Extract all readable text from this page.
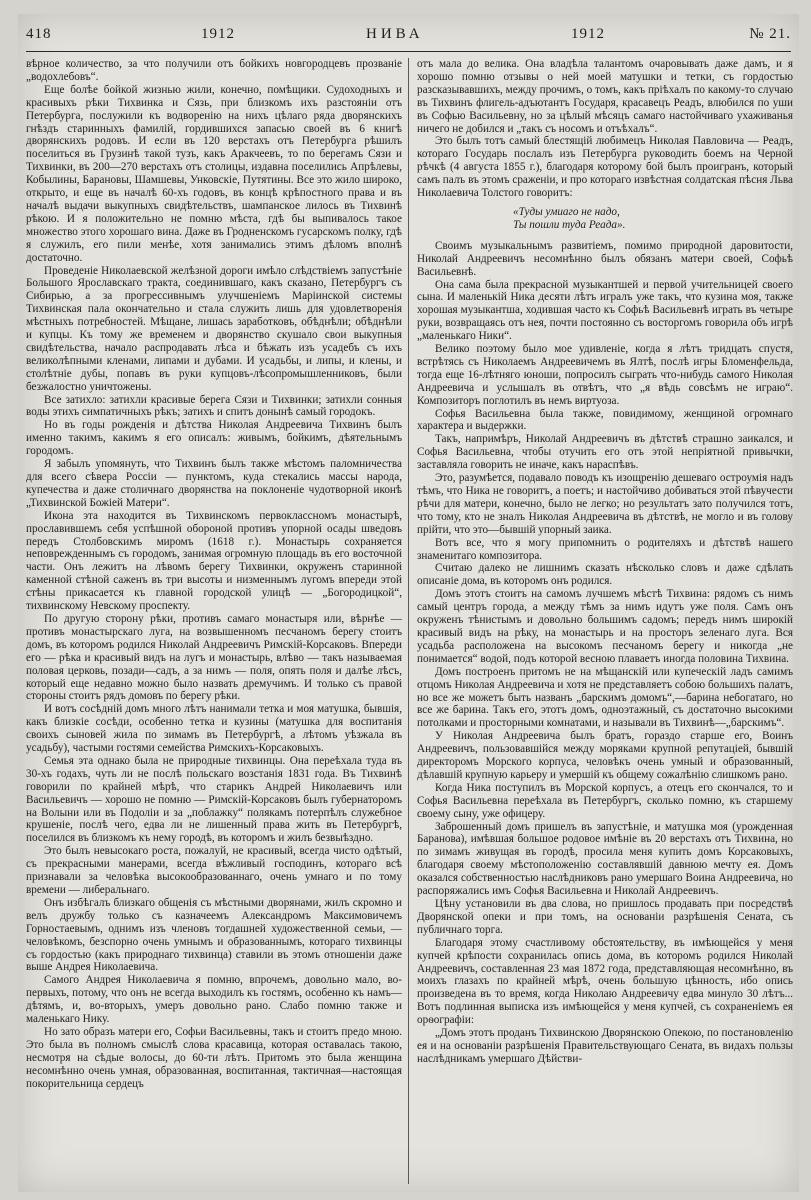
418	1912	НИВА	1912	№ 21.

вѣрное количество, за что получили отъ бойкихъ новгородцевъ прозваніе „водохлебовъ“.

Еще болѣе бойкой жизнью жили, конечно, помѣщики. Судоходныхъ и красивыхъ рѣки Тихвинка и Сязь, при близкомъ ихъ разстояніи отъ Петербурга, послужили къ водворенію на нихъ цѣлаго ряда дворянскихъ гнѣздъ старинныхъ фамилій, гордившихся запасью своей въ 6 книгѣ дворянскихъ родовъ. И если въ 120 верстахъ отъ Петербурга рѣшилъ поселиться въ Грузинѣ такой тузъ, какъ Аракчеевъ, то по берегамъ Сязи и Тихвинки, въ 200—270 верстахъ отъ столицы, издавна поселились Апрѣлевы, Кобылины, Барановы, Шамшевы, Унковскіе, Путятины. Все это жило широко, открыто, и еще въ началѣ 60-хъ годовъ, въ концѣ крѣпостного права и въ началѣ выдачи выкупныхъ свидѣтельствъ, шампанское лилось въ Тихвинѣ рѣкою. И я положительно не помню мѣста, гдѣ бы выпивалось такое множество этого хорошаго вина. Даже въ Гродненскомъ гусарскомъ полку, гдѣ я служилъ, его пили менѣе, хотя занимались этимъ дѣломъ вполнѣ достаточно.

Проведеніе Николаевской желѣзной дороги имѣло слѣдствіемъ запустѣніе Большого Ярославскаго тракта, соединившаго, какъ сказано, Петербургъ съ Сибирью, а за прогрессивнымъ улучшеніемъ Маріинской системы Тихвинская пала окончательно и стала служить лишь для удовлетворенія мѣстныхъ потребностей. Мѣщане, лишась заработковъ, обѣднѣли; обѣднѣли и купцы. Къ тому же временем и дворянство скушало свои выкупныя свидѣтельства, начало распродавать лѣса и бѣжать изъ усадебъ съ ихъ великолѣпными кленами, липами и дубами. И усадьбы, и липы, и клены, и столѣтніе дубы, попавъ въ руки купцовъ-лѣсопромышленниковъ, были безжалостно уничтожены.

Все затихло: затихли красивые берега Сязи и Тихвинки; затихли сонныя воды этихъ симпатичныхъ рѣкъ; затихъ и спитъ донынѣ самый городокъ.

Но въ годы рожденія и дѣтства Николая Андреевича Тихвинъ былъ именно такимъ, какимъ я его описалъ: живымъ, бойкимъ, дѣятельнымъ городомъ.

Я забылъ упомянуть, что Тихвинъ былъ также мѣстомъ паломничества для всего сѣвера Россіи — пунктомъ, куда стекались массы народа, купечества и даже столичнаго дворянства на поклоненіе чудотворной иконѣ „Тихвинской Божіей Матери“.

Икона эта находится въ Тихвинскомъ первоклассномъ монастырѣ, прославившемъ себя успѣшной обороной противъ упорной осады шведовъ передъ Столбовскимъ миромъ (1618 г.). Монастырь сохраняется неповрежденнымъ съ городомъ, занимая огромную площадь въ его восточной части. Онъ лежитъ на лѣвомъ берегу Тихвинки, окруженъ старинной каменной стѣной саженъ въ три высоты и низменнымъ лугомъ впереди этой стѣны прикасается къ главной городской улицѣ — „Богородицкой“, тихвинскому Невскому проспекту.

По другую сторону рѣки, противъ самаго монастыря или, вѣрнѣе — противъ монастырскаго луга, на возвышенномъ песчаномъ берегу стоитъ домъ, въ которомъ родился Николай Андреевичъ Римскій-Корсаковъ. Впереди его — рѣка и красивый видъ на лугъ и монастырь, влѣво — такъ называемая половая церковь, позади—садъ, а за нимъ — поля, опять поля и далѣе лѣсъ, который еще недавно можно было назвать дремучимъ. И только съ правой стороны стоитъ рядъ домовъ по берегу рѣки.

И вотъ сосѣдній домъ много лѣтъ нанимали тетка и моя матушка, бывшія, какъ близкіе сосѣди, особенно тетка и кузины (матушка для воспитанія своихъ сыновей жила по зимамъ въ Петербургѣ, а лѣтомъ уѣзжала въ усадьбу), частыми гостями семейства Римскихъ-Корсаковыхъ.

Семья эта однако была не природные тихвинцы. Она переѣхала туда въ 30-хъ годахъ, чуть ли не послѣ польскаго возстанія 1831 года. Въ Тихвинѣ говорили по крайней мѣрѣ, что старикъ Андрей Николаевичъ или Васильевичъ — хорошо не помню — Римскій-Корсаковъ былъ губернаторомъ на Волыни или въ Подоліи и за „поблажку“ полякамъ потерпѣлъ служебное крушеніе, послѣ чего, едва ли не лишенный права жить въ Петербургѣ, поселился въ близкомъ къ нему городѣ, въ которомъ и жилъ безвыѣздно.

Это былъ невысокаго роста, пожалуй, не красивый, всегда чисто одѣтый, съ прекрасными манерами, всегда вѣжливый господинъ, котораго всѣ признавали за человѣка высокообразованнаго, очень умнаго и по тому времени — либеральнаго.

Онъ избѣгалъ близкаго общенія съ мѣстными дворянами, жилъ скромно и велъ дружбу только съ казначеемъ Александромъ Максимовичемъ Горностаевымъ, однимъ изъ членовъ тогдашней художественной семьи, — человѣкомъ, безспорно очень умнымъ и образованнымъ, котораго тихвинцы съ гордостью (какъ природнаго тихвинца) ставили въ этомъ отношеніи даже выше Андрея Николаевича.

Самого Андрея Николаевича я помню, впрочемъ, довольно мало, во-первыхъ, потому, что онъ не всегда выходилъ къ гостямъ, особенно къ намъ—дѣтямъ, и, во-вторыхъ, умеръ довольно рано. Слабо помню также и маленькаго Нику.

Но зато образъ матери его, Софьи Васильевны, такъ и стоитъ предо мною. Это была въ полномъ смыслѣ слова красавица, которая оставалась такою, несмотря на сѣдые волосы, до 60-ти лѣтъ. Притомъ это была женщина несомнѣнно очень умная, образованная, воспитанная, тактичная—настоящая покорительница сердецъ

отъ мала до велика. Она владѣла талантомъ очаровывать даже дамъ, и я хорошо помню отзывы о ней моей матушки и тетки, съ гордостью разсказывавшихъ, между прочимъ, о томъ, какъ пріѣхалъ по какому-то случаю въ Тихвинъ флигель-адъютантъ Государя, красавецъ Реадъ, влюбился по уши въ Софью Васильевну, но за цѣлый мѣсяцъ самаго настойчиваго ухаживанья ничего не добился и „такъ съ носомъ и отъѣхалъ“.

Это былъ тотъ самый блестящій любимецъ Николая Павловича — Реадъ, котораго Государь послалъ изъ Петербурга руководить боемъ на Черной рѣчкѣ (4 августа 1855 г.), благодаря которому бой былъ проигранъ, который самъ палъ въ этомъ сраженіи, и про котораго извѣстная солдатская пѣсня Льва Николаевича Толстого говоритъ:

«Туды умиаго не надо,
Ты пошли туда Реада».

Своимъ музыкальнымъ развитіемъ, помимо природной даровитости, Николай Андреевичъ несомнѣнно былъ обязанъ матери своей, Софьѣ Васильевнѣ.

Она сама была прекрасной музыкантшей и первой учительницей своего сына. И маленькій Ника десяти лѣтъ игралъ уже такъ, что кузина моя, также хорошая музыкантша, ходившая часто къ Софьѣ Васильевнѣ играть въ четыре руки, возвращаясь отъ нея, почти постоянно съ восторгомъ говорила объ игрѣ „маленькаго Ники“.

Велико поэтому было мое удивленіе, когда я лѣтъ тридцать спустя, встрѣтясь съ Николаемъ Андреевичемъ въ Ялтѣ, послѣ игры Бломенфельда, тогда еще 16-лѣтняго юноши, попросилъ сыграть что-нибудь самого Николая Андреевича и услышалъ въ отвѣтъ, что „я вѣдь совсѣмъ не играю“. Композиторъ поглотилъ въ немъ виртуоза.

Софья Васильевна была также, повидимому, женщиной огромнаго характера и выдержки.

Такъ, напримѣръ, Николай Андреевичъ въ дѣтствѣ страшно заикался, и Софья Васильевна, чтобы отучить его отъ этой непріятной привычки, заставляла говорить не иначе, какъ нараспѣвъ.

Это, разумѣется, подавало поводъ къ изощренію дешеваго остроумія надъ тѣмъ, что Ника не говоритъ, а поетъ; и настойчиво добиваться этой пѣвучести рѣчи для матери, конечно, было не легко; но результатъ зато получился тотъ, что тому, кто не зналъ Николая Андреевича въ дѣтствѣ, не могло и въ голову прійти, что это—бывшій упорный заика.

Вотъ все, что я могу припомнить о родителяхъ и дѣтствѣ нашего знаменитаго композитора.

Считаю далеко не лишнимъ сказать нѣсколько словъ и даже сдѣлать описаніе дома, въ которомъ онъ родился.

Домъ этотъ стоитъ на самомъ лучшемъ мѣстѣ Тихвина: рядомъ съ нимъ самый центръ города, а между тѣмъ за нимъ идутъ уже поля. Самъ онъ окруженъ тѣнистымъ и довольно большимъ садомъ; передъ нимъ широкій красивый видъ на рѣку, на монастырь и на просторъ зеленаго луга. Вся усадьба расположена на высокомъ песчаномъ берегу и никогда „не понимается“ водой, подъ которой весною плаваетъ иногда половина Тихвина.

Домъ построенъ притомъ не на мѣщанскій или купеческій ладъ самимъ отцомъ Николая Андреевича и хотя не представляетъ собою большихъ палатъ, но все же можетъ быть названъ „барскимъ домомъ“,—барина небогатаго, но все же барина. Такъ его, этотъ домъ, одноэтажный, съ достаточно высокими потолками и просторными комнатами, и называли въ Тихвинѣ—„барскимъ“.

У Николая Андреевича былъ братъ, гораздо старше его, Воинъ Андреевичъ, пользовавшійся между моряками крупной репутаціей, бывшій директоромъ Морского корпуса, человѣкъ очень умный и образованный, дѣлавшій крупную карьеру и умершій къ общему сожалѣнію слишкомъ рано.

Когда Ника поступилъ въ Морской корпусъ, а отецъ его скончался, то и Софья Васильевна переѣхала въ Петербургъ, сколько помню, къ старшему своему сыну, уже офицеру.

Заброшенный домъ пришелъ въ запустѣніе, и матушка моя (урожденная Баранова), имѣвшая большое родовое имѣніе въ 20 верстахъ отъ Тихвина, но по зимамъ живущая въ городѣ, просила меня купить домъ Корсаковыхъ, благодаря своему мѣстоположенію составлявшій давнюю мечту ея. Домъ оказался собственностью наслѣдниковъ рано умершаго Воина Андреевича, но распоряжались имъ Софья Васильевна и Николай Андреевичъ.

Цѣну установили въ два слова, но пришлось продавать при посредствѣ Дворянской опеки и при томъ, на основаніи разрѣшенія Сената, съ публичнаго торга.

Благодаря этому счастливому обстоятельству, въ имѣющейся у меня купчей крѣпости сохранилась опись дома, въ которомъ родился Николай Андреевичъ, составленная 23 мая 1872 года, представляющая несомнѣнно, въ моихъ глазахъ по крайней мѣрѣ, очень большую цѣнность, ибо опись произведена въ то время, когда Николаю Андреевичу едва минуло 30 лѣтъ... Вотъ подлинная выписка изъ имѣющейся у меня купчей, съ сохраненіемъ ея орѳографіи:

„Домъ этотъ проданъ Тихвинскою Дворянскою Опекою, по постановленію ея и на основаніи разрѣшенія Правительствующаго Сената, въ видахъ пользы наслѣдникамъ умершаго Дѣйстви-
